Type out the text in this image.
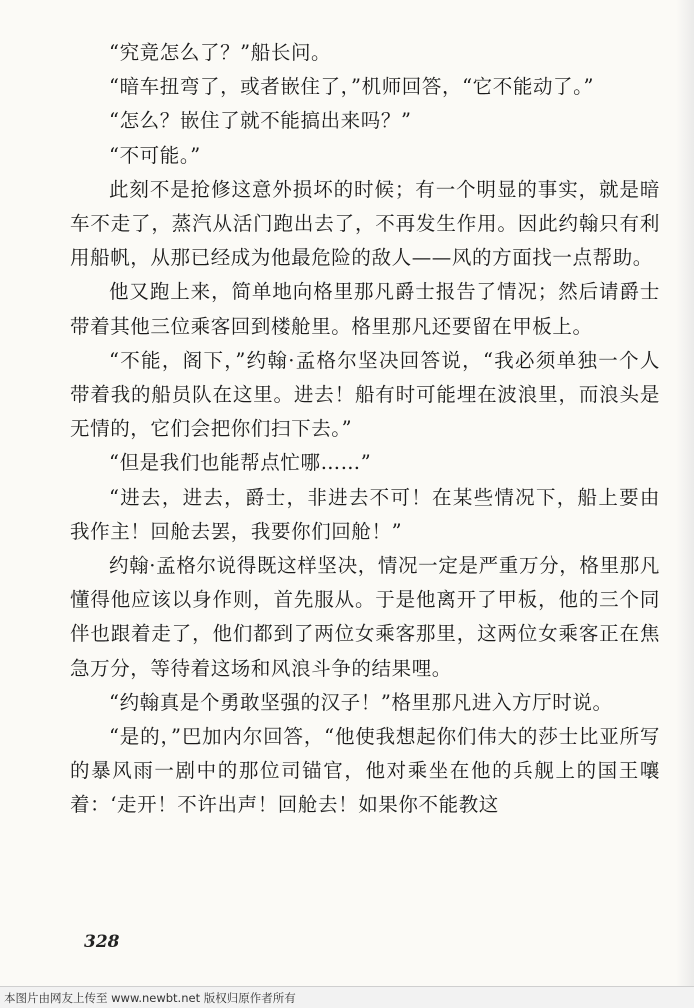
“究竟怎么了？”船长问。

“暗车扭弯了，或者嵌住了，”机师回答，“它不能动了。”

“怎么？嵌住了就不能搞出来吗？”

“不可能。”

此刻不是抢修这意外损坏的时候；有一个明显的事实，就是暗车不走了，蒸汽从活门跑出去了，不再发生作用。因此约翰只有利用船帆，从那已经成为他最危险的敌人——风的方面找一点帮助。

他又跑上来，简单地向格里那凡爵士报告了情况；然后请爵士带着其他三位乘客回到楼舱里。格里那凡还要留在甲板上。

“不能，阁下，”约翰·孟格尔坚决回答说，“我必须单独一个人带着我的船员队在这里。进去！船有时可能埋在波浪里，而浪头是无情的，它们会把你们扫下去。”

“但是我们也能帮点忙哪……”

“进去，进去，爵士，非进去不可！在某些情况下，船上要由我作主！回舱去罢，我要你们回舱！”

约翰·孟格尔说得既这样坚决，情况一定是严重万分，格里那凡懂得他应该以身作则，首先服从。于是他离开了甲板，他的三个同伴也跟着走了，他们都到了两位女乘客那里，这两位女乘客正在焦急万分，等待着这场和风浪斗争的结果哩。

“约翰真是个勇敢坚强的汉子！”格里那凡进入方厅时说。

“是的，”巴加内尔回答，“他使我想起你们伟大的莎士比亚所写的暴风雨一剧中的那位司锚官，他对乘坐在他的兵舰上的国王嚷着：‘走开！不许出声！回舱去！如果你不能教这

328
本图片由网友上传至 www.newbt.net 版权归原作者所有
